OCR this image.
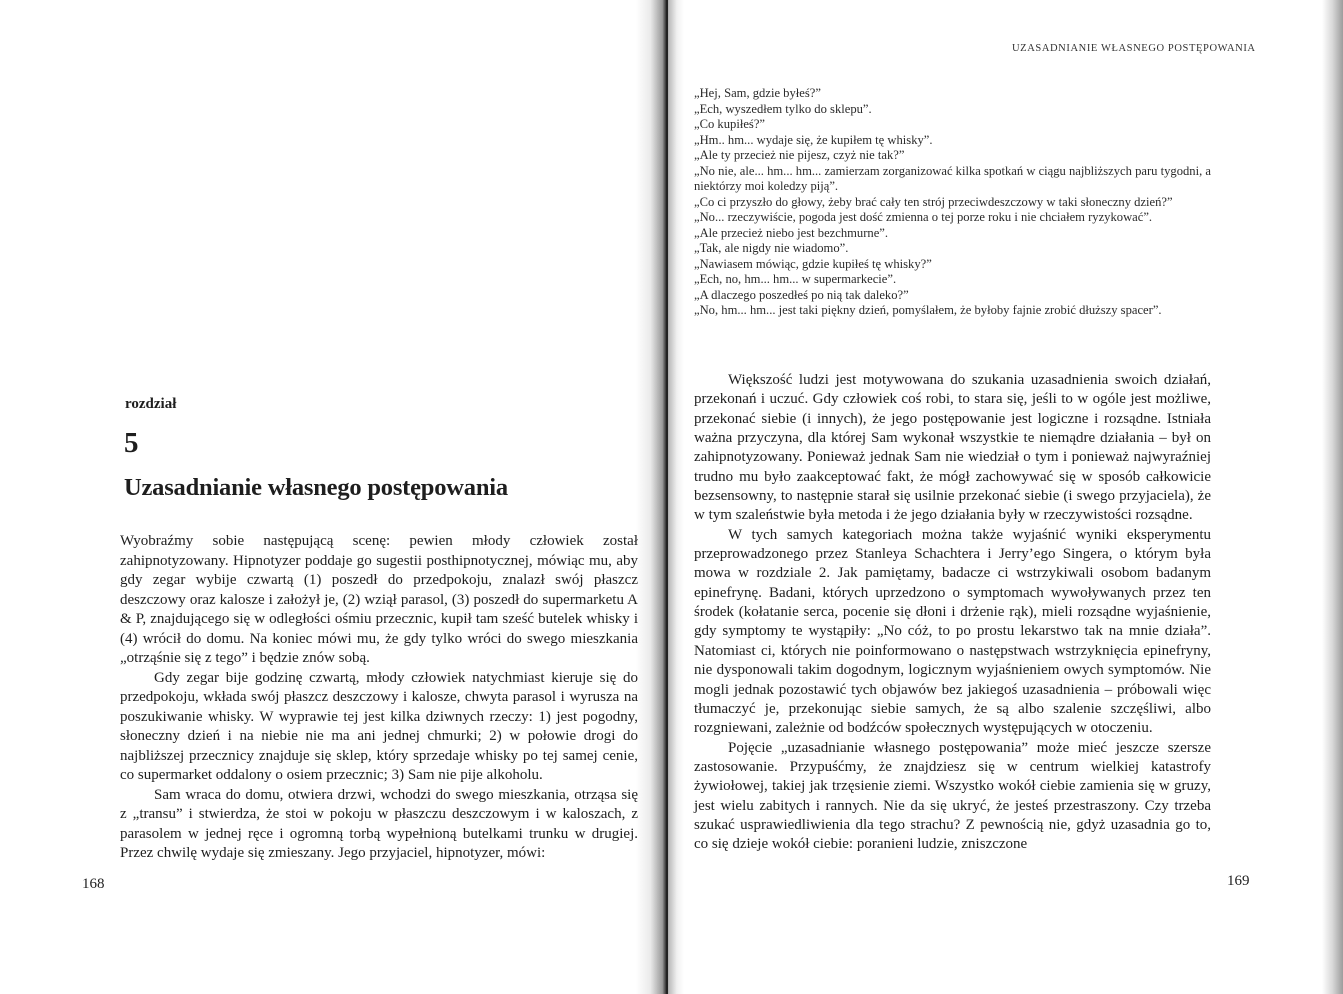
rozdział
5
Uzasadnianie własnego postępowania

Wyobraźmy sobie następującą scenę: pewien młody człowiek został zahipnotyzowany. Hipnotyzer poddaje go sugestii posthipnotycznej, mówiąc mu, aby gdy zegar wybije czwartą (1) poszedł do przedpokoju, znalazł swój płaszcz deszczowy oraz kalosze i założył je, (2) wziął parasol, (3) poszedł do supermarketu A & P, znajdującego się w odległości ośmiu przecznic, kupił tam sześć butelek whisky i (4) wrócił do domu. Na koniec mówi mu, że gdy tylko wróci do swego mieszkania „otrząśnie się z tego” i będzie znów sobą.

Gdy zegar bije godzinę czwartą, młody człowiek natychmiast kieruje się do przedpokoju, wkłada swój płaszcz deszczowy i kalosze, chwyta parasol i wyrusza na poszukiwanie whisky. W wyprawie tej jest kilka dziwnych rzeczy: 1) jest pogodny, słoneczny dzień i na niebie nie ma ani jednej chmurki; 2) w połowie drogi do najbliższej przecznicy znajduje się sklep, który sprzedaje whisky po tej samej cenie, co supermarket oddalony o osiem przecznic; 3) Sam nie pije alkoholu.

Sam wraca do domu, otwiera drzwi, wchodzi do swego mieszkania, otrząsa się z „transu” i stwierdza, że stoi w pokoju w płaszczu deszczowym i w kaloszach, z parasolem w jednej ręce i ogromną torbą wypełnioną butelkami trunku w drugiej. Przez chwilę wydaje się zmieszany. Jego przyjaciel, hipnotyzer, mówi:

168
UZASADNIANIE WŁASNEGO POSTĘPOWANIA
„Hej, Sam, gdzie byłeś?”
„Ech, wyszedłem tylko do sklepu”.
„Co kupiłeś?”
„Hm.. hm... wydaje się, że kupiłem tę whisky”.
„Ale ty przecież nie pijesz, czyż nie tak?”
„No nie, ale... hm... hm... zamierzam zorganizować kilka spotkań w ciągu najbliższych paru tygodni, a niektórzy moi koledzy piją”.
„Co ci przyszło do głowy, żeby brać cały ten strój przeciwdeszczowy w taki słoneczny dzień?”
„No... rzeczywiście, pogoda jest dość zmienna o tej porze roku i nie chciałem ryzykować”.
„Ale przecież niebo jest bezchmurne”.
„Tak, ale nigdy nie wiadomo”.
„Nawiasem mówiąc, gdzie kupiłeś tę whisky?”
„Ech, no, hm... hm... w supermarkecie”.
„A dlaczego poszedłeś po nią tak daleko?”
„No, hm... hm... jest taki piękny dzień, pomyślałem, że byłoby fajnie zrobić dłuższy spacer”.

Większość ludzi jest motywowana do szukania uzasadnienia swoich działań, przekonań i uczuć. Gdy człowiek coś robi, to stara się, jeśli to w ogóle jest możliwe, przekonać siebie (i innych), że jego postępowanie jest logiczne i rozsądne. Istniała ważna przyczyna, dla której Sam wykonał wszystkie te niemądre działania – był on zahipnotyzowany. Ponieważ jednak Sam nie wiedział o tym i ponieważ najwyraźniej trudno mu było zaakceptować fakt, że mógł zachowywać się w sposób całkowicie bezsensowny, to następnie starał się usilnie przekonać siebie (i swego przyjaciela), że w tym szaleństwie była metoda i że jego działania były w rzeczywistości rozsądne.

W tych samych kategoriach można także wyjaśnić wyniki eksperymentu przeprowadzonego przez Stanleya Schachtera i Jerry’ego Singera, o którym była mowa w rozdziale 2. Jak pamiętamy, badacze ci wstrzykiwali osobom badanym epinefrynę. Badani, których uprzedzono o symptomach wywoływanych przez ten środek (kołatanie serca, pocenie się dłoni i drżenie rąk), mieli rozsądne wyjaśnienie, gdy symptomy te wystąpiły: „No cóż, to po prostu lekarstwo tak na mnie działa”. Natomiast ci, których nie poinformowano o następstwach wstrzyknięcia epinefryny, nie dysponowali takim dogodnym, logicznym wyjaśnieniem owych symptomów. Nie mogli jednak pozostawić tych objawów bez jakiegoś uzasadnienia – próbowali więc tłumaczyć je, przekonując siebie samych, że są albo szalenie szczęśliwi, albo rozgniewani, zależnie od bodźców społecznych występujących w otoczeniu.

Pojęcie „uzasadnianie własnego postępowania” może mieć jeszcze szersze zastosowanie. Przypuśćmy, że znajdziesz się w centrum wielkiej katastrofy żywiołowej, takiej jak trzęsienie ziemi. Wszystko wokół ciebie zamienia się w gruzy, jest wielu zabitych i rannych. Nie da się ukryć, że jesteś przestraszony. Czy trzeba szukać usprawiedliwienia dla tego strachu? Z pewnością nie, gdyż uzasadnia go to, co się dzieje wokół ciebie: poranieni ludzie, zniszczone

169
